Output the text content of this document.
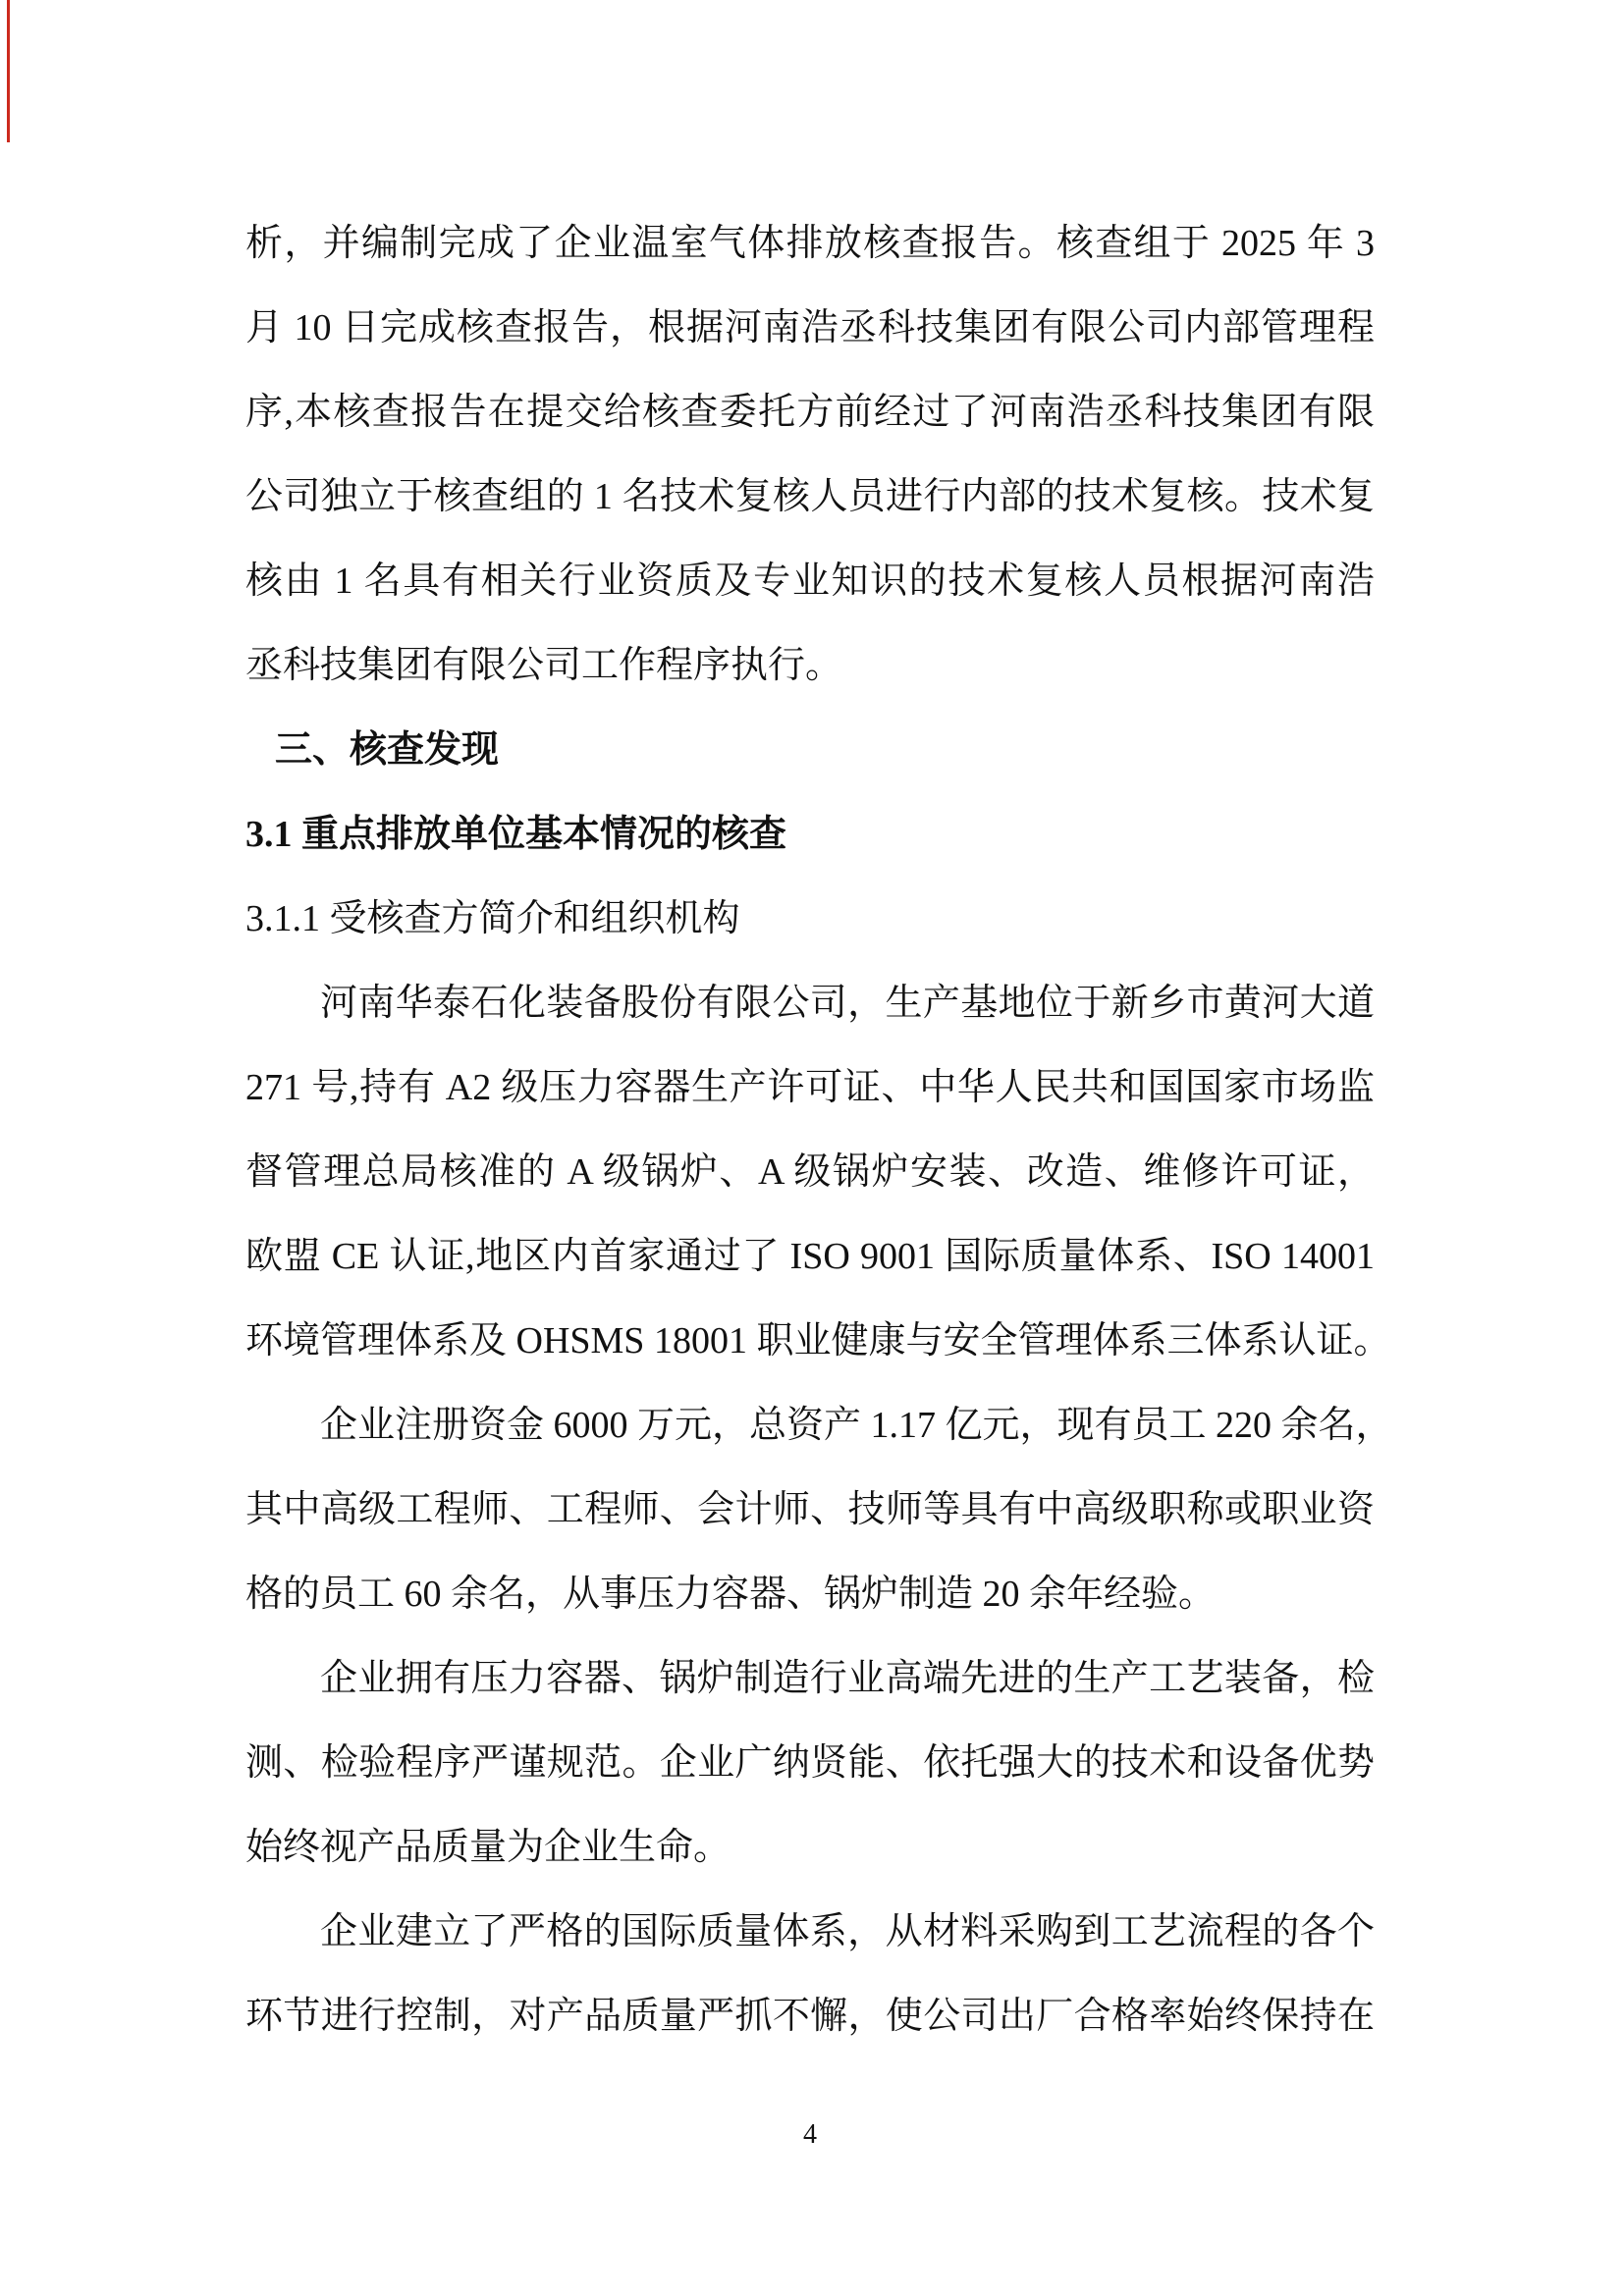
析，并编制完成了企业温室气体排放核查报告。核查组于 2025 年 3
月 10 日完成核查报告，根据河南浩丞科技集团有限公司内部管理程
序,本核查报告在提交给核查委托方前经过了河南浩丞科技集团有限
公司独立于核查组的 1 名技术复核人员进行内部的技术复核。技术复
核由 1 名具有相关行业资质及专业知识的技术复核人员根据河南浩
丞科技集团有限公司工作程序执行。
三、核查发现
3.1 重点排放单位基本情况的核查
3.1.1 受核查方简介和组织机构
河南华泰石化装备股份有限公司，生产基地位于新乡市黄河大道
271 号,持有 A2 级压力容器生产许可证、中华人民共和国国家市场监
督管理总局核准的 A 级锅炉、A 级锅炉安装、改造、维修许可证，
欧盟 CE 认证,地区内首家通过了 ISO 9001 国际质量体系、ISO 14001
环境管理体系及 OHSMS 18001 职业健康与安全管理体系三体系认证。
企业注册资金 6000 万元，总资产 1.17 亿元，现有员工 220 余名，
其中高级工程师、工程师、会计师、技师等具有中高级职称或职业资
格的员工 60 余名，从事压力容器、锅炉制造 20 余年经验。
企业拥有压力容器、锅炉制造行业高端先进的生产工艺装备，检
测、检验程序严谨规范。企业广纳贤能、依托强大的技术和设备优势
始终视产品质量为企业生命。
企业建立了严格的国际质量体系，从材料采购到工艺流程的各个
环节进行控制，对产品质量严抓不懈，使公司出厂合格率始终保持在
4
